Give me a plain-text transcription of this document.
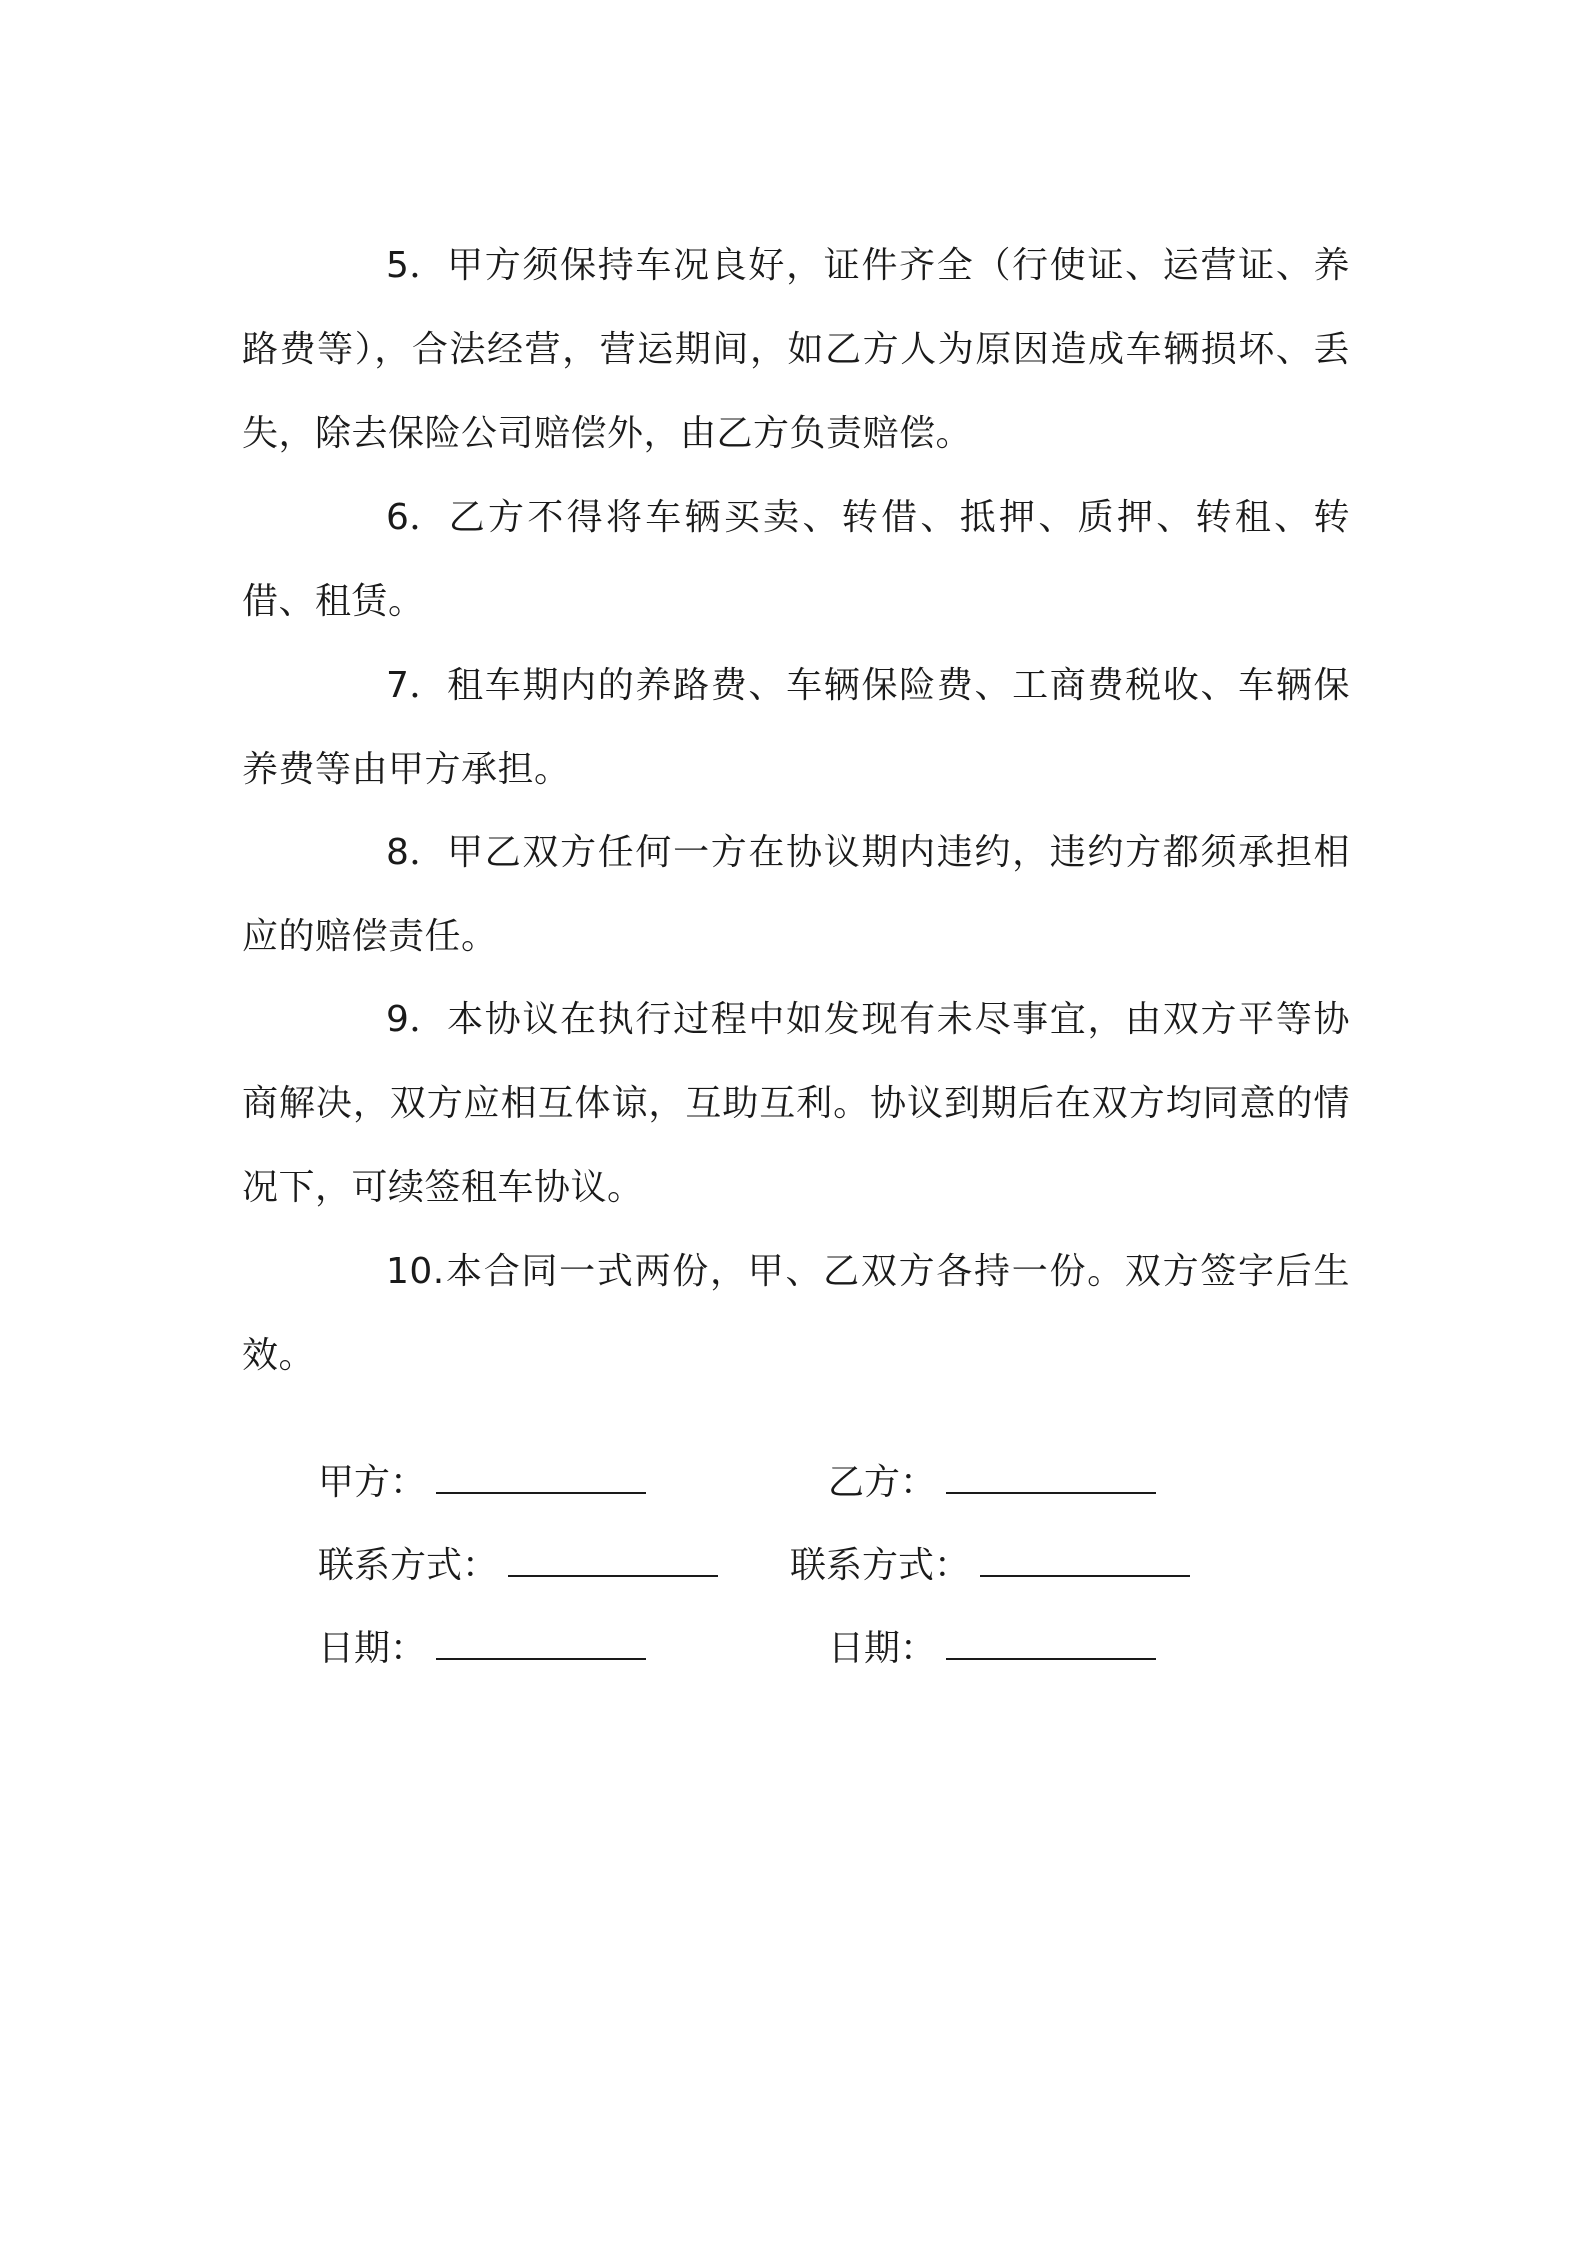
5．甲方须保持车况良好，证件齐全（行使证、运营证、养路费等），合法经营，营运期间，如乙方人为原因造成车辆损坏、丢失，除去保险公司赔偿外，由乙方负责赔偿。

6．乙方不得将车辆买卖、转借、抵押、质押、转租、转借、租赁。

7．租车期内的养路费、车辆保险费、工商费税收、车辆保养费等由甲方承担。

8．甲乙双方任何一方在协议期内违约，违约方都须承担相应的赔偿责任。

9．本协议在执行过程中如发现有未尽事宜，由双方平等协商解决，双方应相互体谅，互助互利。协议到期后在双方均同意的情况下，可续签租车协议。

10.本合同一式两份，甲、乙双方各持一份。双方签字后生效。

甲方：	乙方：
联系方式：	联系方式：
日期：	日期：
